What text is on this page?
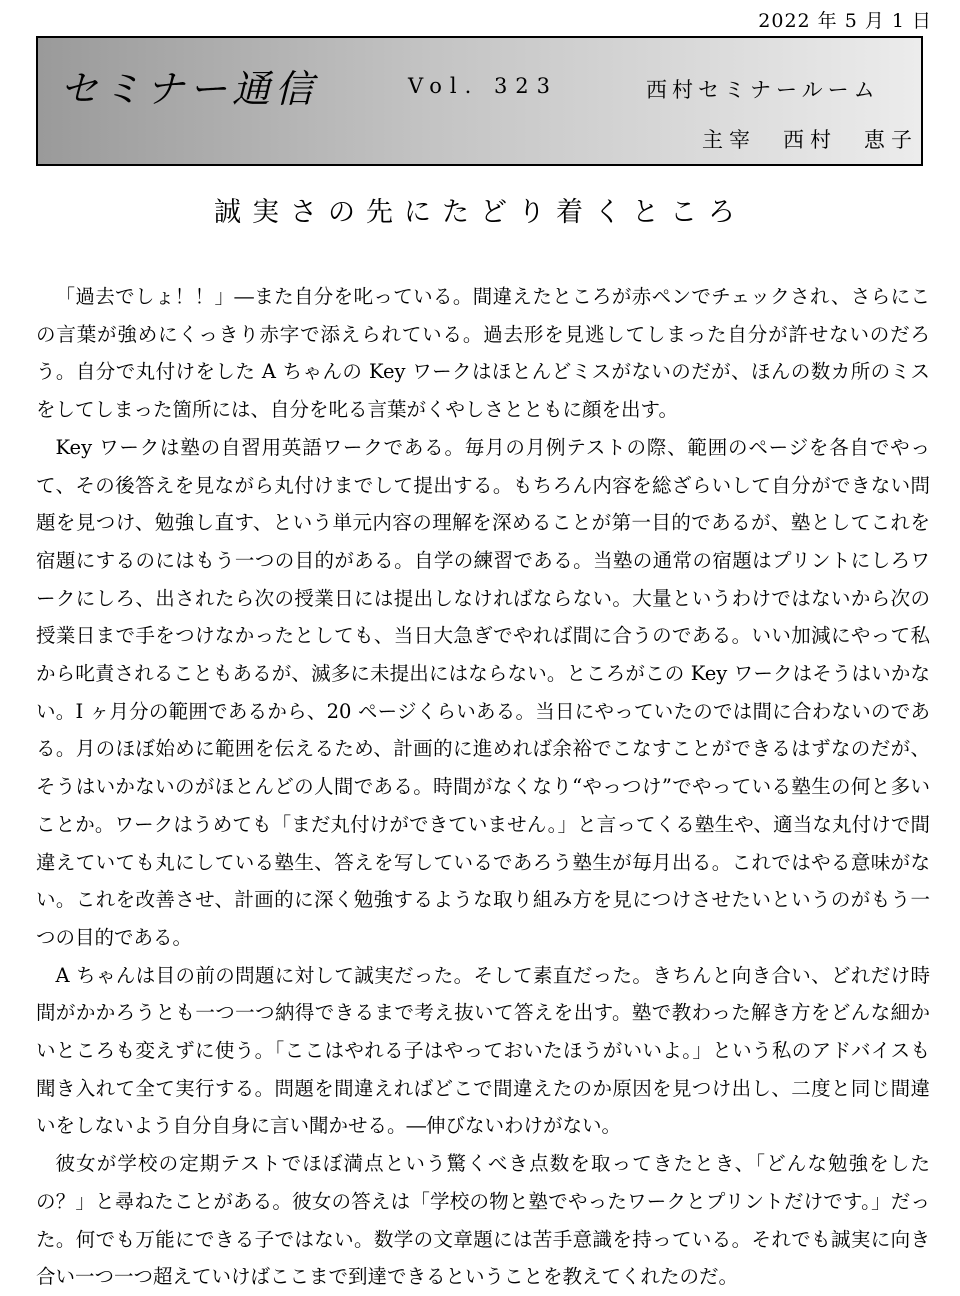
2022 年 5 月 1 日
セミナー通信	Vol. 323	西村セミナールーム
主宰　西村　恵子
誠実さの先にたどり着くところ

「過去でしょ！！」―また自分を叱っている。間違えたところが赤ペンでチェックされ、さらにこの言葉が強めにくっきり赤字で添えられている。過去形を見逃してしまった自分が許せないのだろう。自分で丸付けをした A ちゃんの Key ワークはほとんどミスがないのだが、ほんの数カ所のミスをしてしまった箇所には、自分を叱る言葉がくやしさとともに顔を出す。

Key ワークは塾の自習用英語ワークである。毎月の月例テストの際、範囲のページを各自でやって、その後答えを見ながら丸付けまでして提出する。もちろん内容を総ざらいして自分ができない問題を見つけ、勉強し直す、という単元内容の理解を深めることが第一目的であるが、塾としてこれを宿題にするのにはもう一つの目的がある。自学の練習である。当塾の通常の宿題はプリントにしろワークにしろ、出されたら次の授業日には提出しなければならない。大量というわけではないから次の授業日まで手をつけなかったとしても、当日大急ぎでやれば間に合うのである。いい加減にやって私から叱責されることもあるが、滅多に未提出にはならない。ところがこの Key ワークはそうはいかない。I ヶ月分の範囲であるから、20 ページくらいある。当日にやっていたのでは間に合わないのである。月のほぼ始めに範囲を伝えるため、計画的に進めれば余裕でこなすことができるはずなのだが、そうはいかないのがほとんどの人間である。時間がなくなり“やっつけ”でやっている塾生の何と多いことか。ワークはうめても「まだ丸付けができていません。」と言ってくる塾生や、適当な丸付けで間違えていても丸にしている塾生、答えを写しているであろう塾生が毎月出る。これではやる意味がない。これを改善させ、計画的に深く勉強するような取り組み方を見につけさせたいというのがもう一つの目的である。

A ちゃんは目の前の問題に対して誠実だった。そして素直だった。きちんと向き合い、どれだけ時間がかかろうとも一つ一つ納得できるまで考え抜いて答えを出す。塾で教わった解き方をどんな細かいところも変えずに使う。「ここはやれる子はやっておいたほうがいいよ。」という私のアドバイスも聞き入れて全て実行する。問題を間違えればどこで間違えたのか原因を見つけ出し、二度と同じ間違いをしないよう自分自身に言い聞かせる。―伸びないわけがない。

彼女が学校の定期テストでほぼ満点という驚くべき点数を取ってきたとき、「どんな勉強をしたの？」と尋ねたことがある。彼女の答えは「学校の物と塾でやったワークとプリントだけです。」だった。何でも万能にできる子ではない。数学の文章題には苦手意識を持っている。それでも誠実に向き合い一つ一つ超えていけばここまで到達できるということを教えてくれたのだ。
